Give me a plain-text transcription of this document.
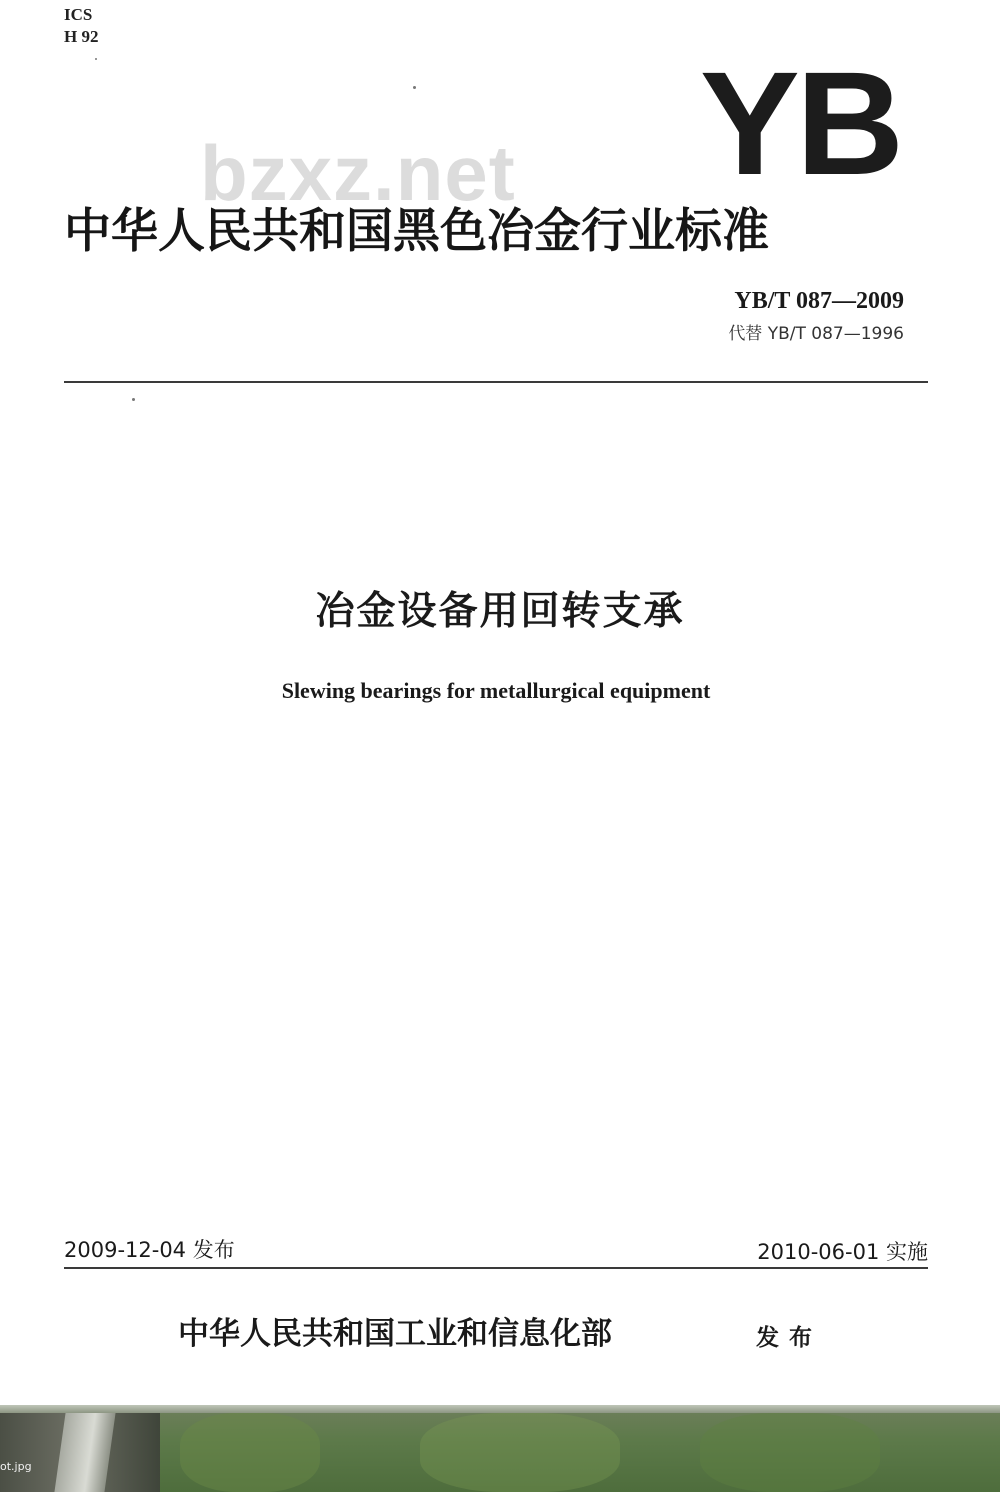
ICS
H 92
YB
bzxz.net
中华人民共和国黑色冶金行业标准
YB/T 087—2009
代替 YB/T 087—1996
冶金设备用回转支承
Slewing bearings for metallurgical equipment
2009-12-04 发布	2010-06-01 实施
中华人民共和国工业和信息化部	发布
ot.jpg
